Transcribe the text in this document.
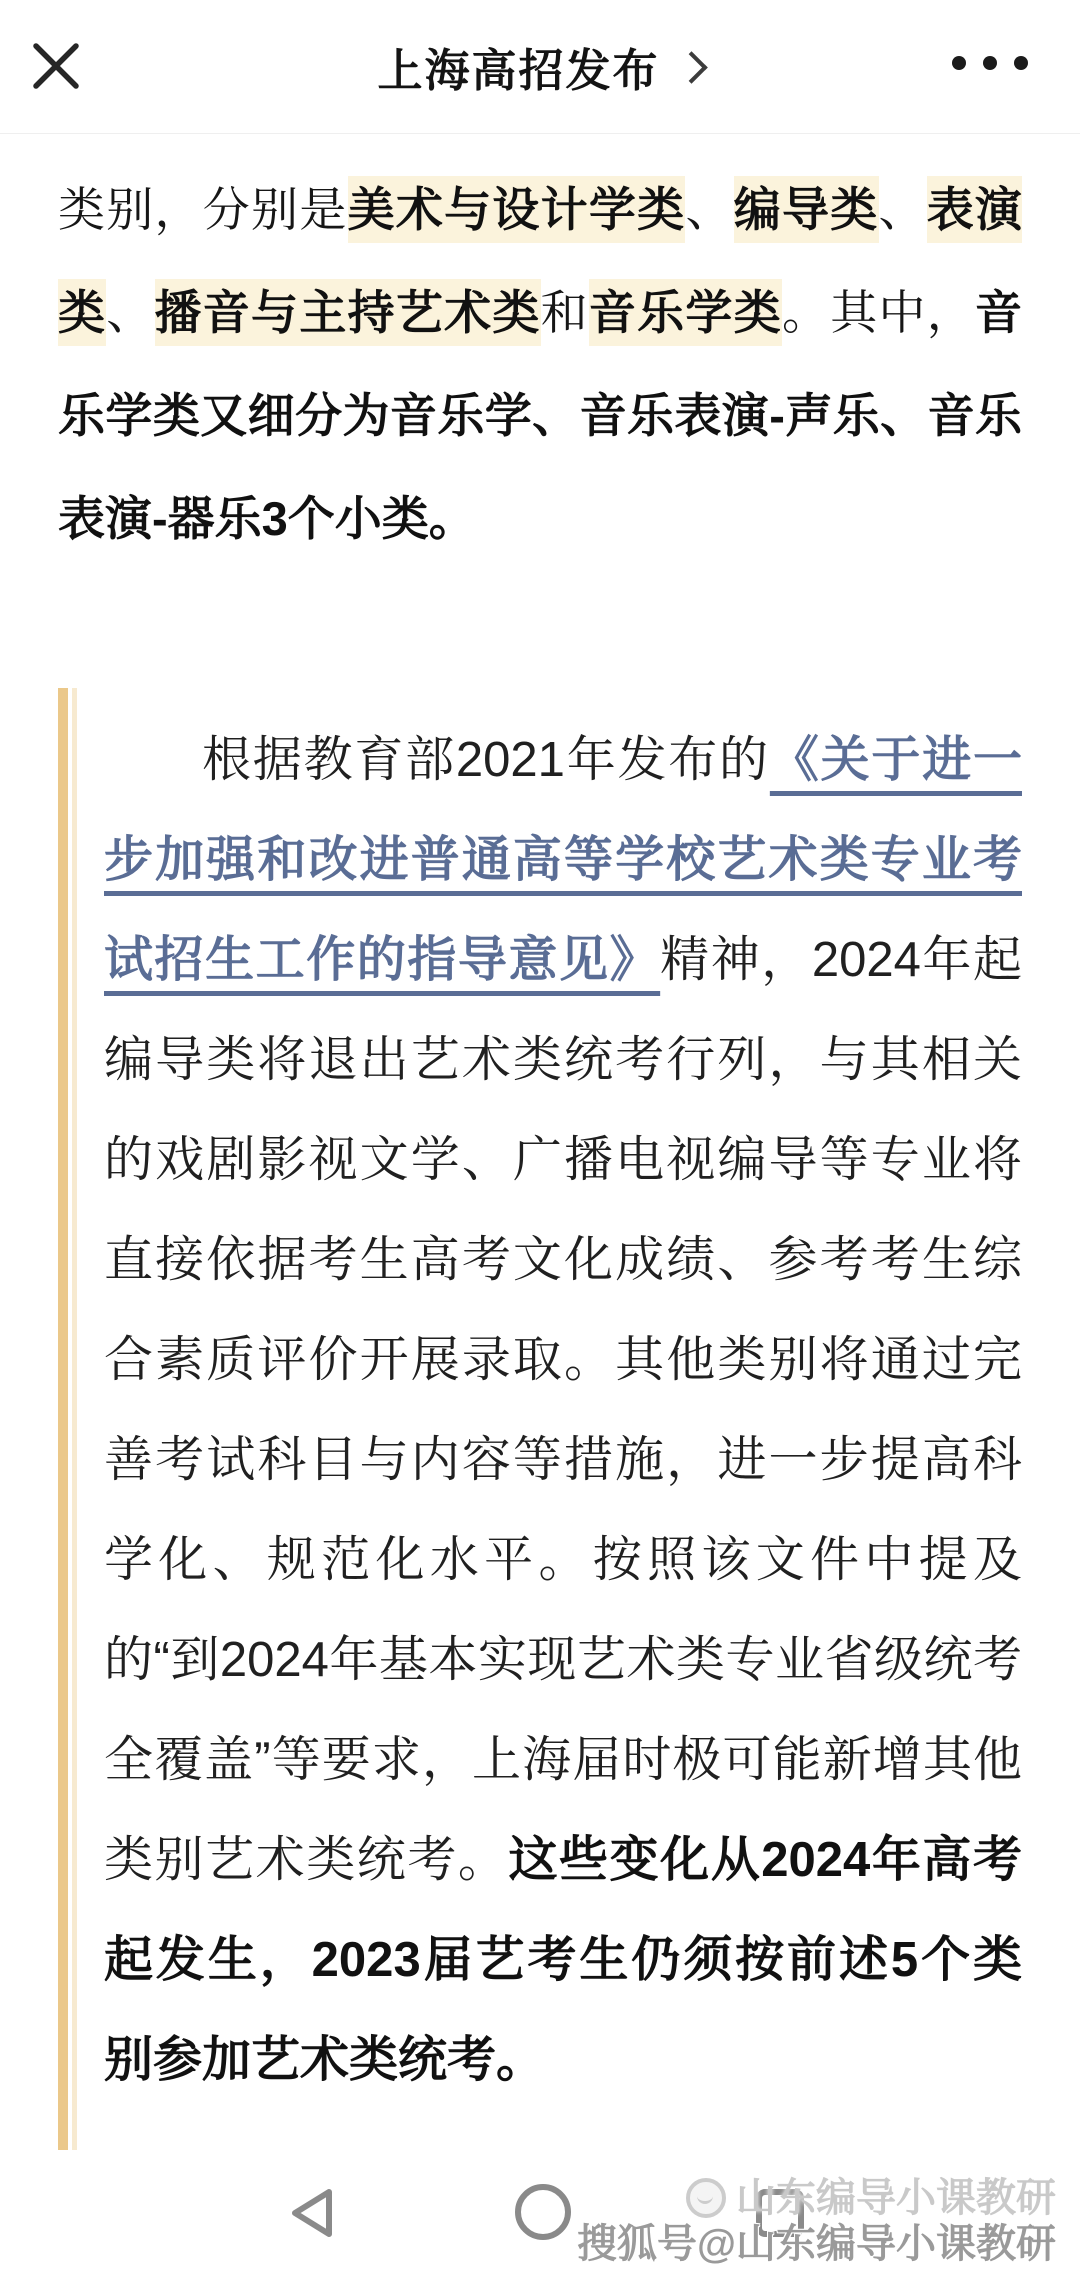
上海高招发布

类别，分别是美术与设计学类、编导类、表演类、播音与主持艺术类和音乐学类。其中，音乐学类又细分为音乐学、音乐表演-声乐、音乐表演-器乐3个小类。

根据教育部2021年发布的《关于进一步加强和改进普通高等学校艺术类专业考试招生工作的指导意见》精神，2024年起编导类将退出艺术类统考行列，与其相关的戏剧影视文学、广播电视编导等专业将直接依据考生高考文化成绩、参考考生综合素质评价开展录取。其他类别将通过完善考试科目与内容等措施，进一步提高科学化、规范化水平。按照该文件中提及的“到2024年基本实现艺术类专业省级统考全覆盖”等要求，上海届时极可能新增其他类别艺术类统考。这些变化从2024年高考起发生，2023届艺考生仍须按前述5个类别参加艺术类统考。

山东编导小课教研
搜狐号@山东编导小课教研
